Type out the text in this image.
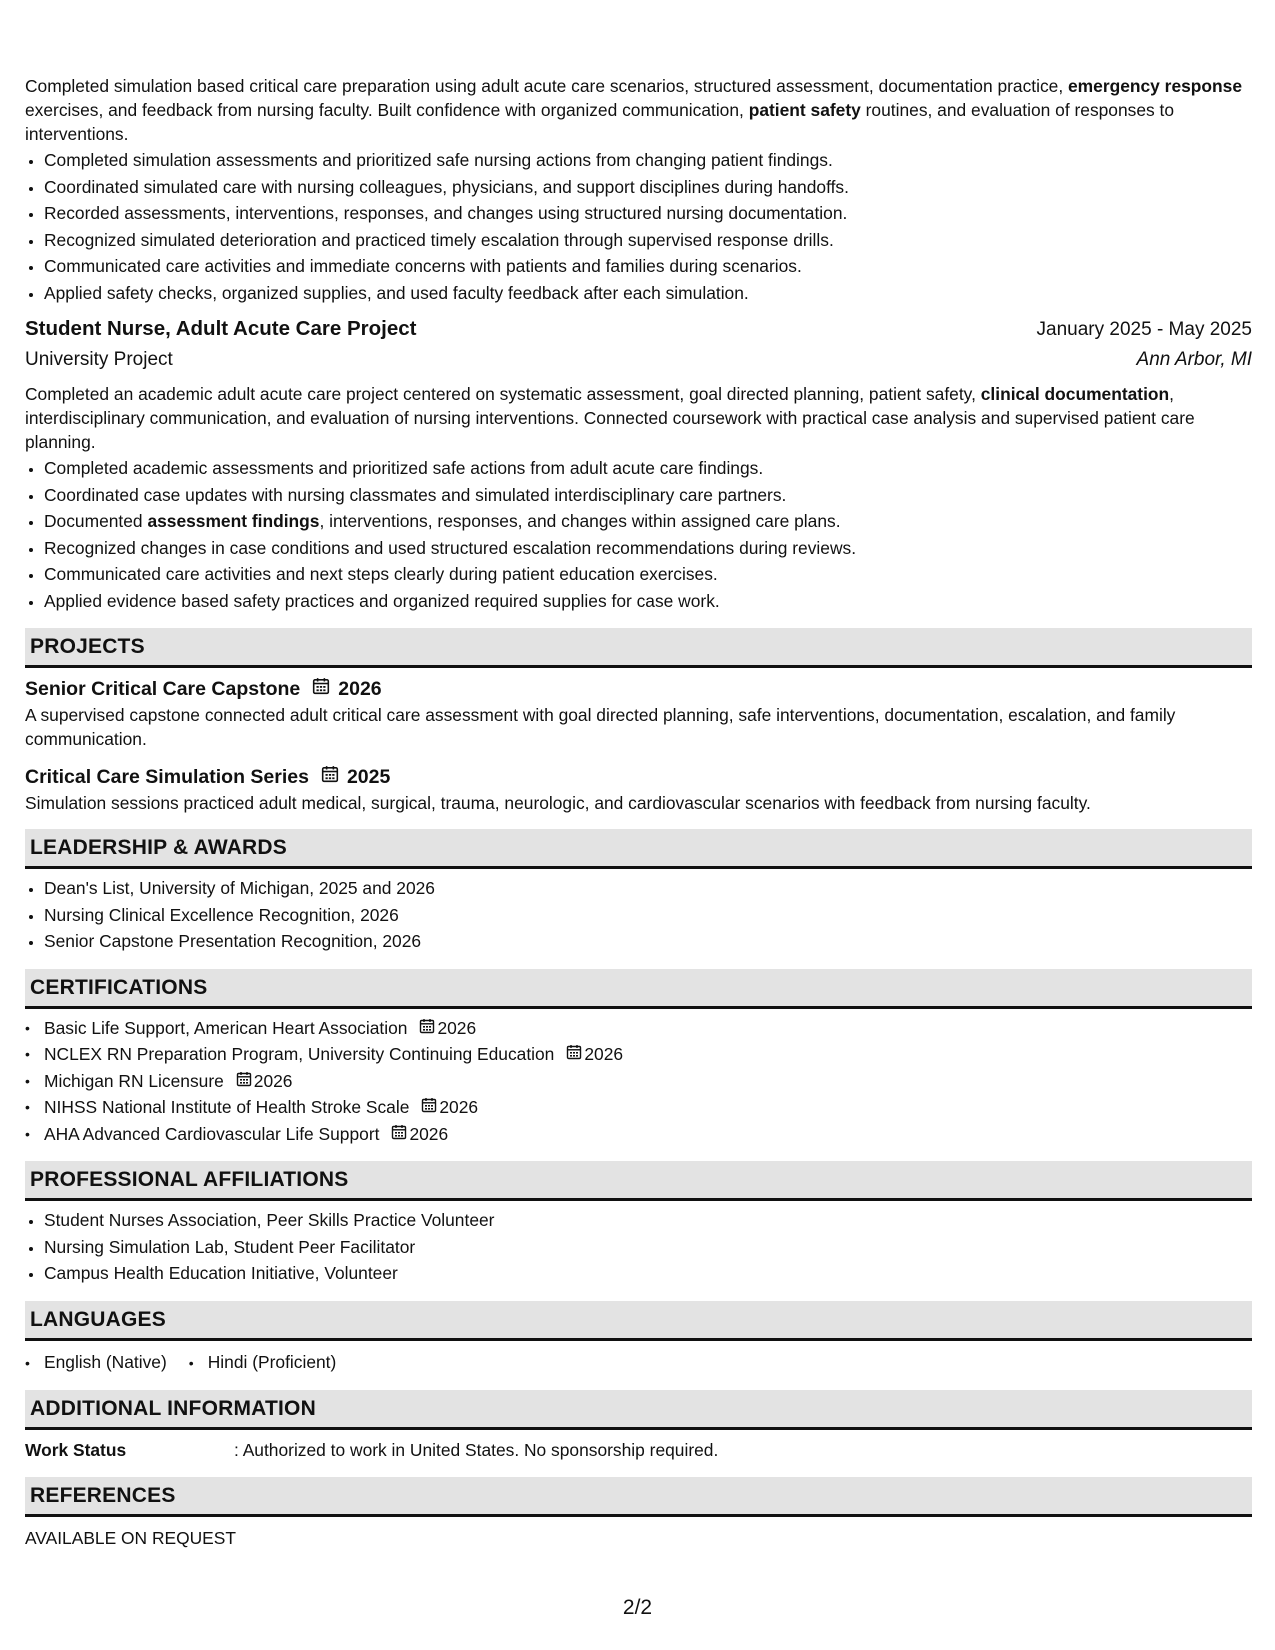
Completed simulation based critical care preparation using adult acute care scenarios, structured assessment, documentation practice, emergency response exercises, and feedback from nursing faculty. Built confidence with organized communication, patient safety routines, and evaluation of responses to interventions.

• Completed simulation assessments and prioritized safe nursing actions from changing patient findings.
• Coordinated simulated care with nursing colleagues, physicians, and support disciplines during handoffs.
• Recorded assessments, interventions, responses, and changes using structured nursing documentation.
• Recognized simulated deterioration and practiced timely escalation through supervised response drills.
• Communicated care activities and immediate concerns with patients and families during scenarios.
• Applied safety checks, organized supplies, and used faculty feedback after each simulation.
Student Nurse, Adult Acute Care Project	January 2025 - May 2025
University Project	Ann Arbor, MI

Completed an academic adult acute care project centered on systematic assessment, goal directed planning, patient safety, clinical documentation, interdisciplinary communication, and evaluation of nursing interventions. Connected coursework with practical case analysis and supervised patient care planning.

• Completed academic assessments and prioritized safe actions from adult acute care findings.
• Coordinated case updates with nursing classmates and simulated interdisciplinary care partners.
• Documented assessment findings, interventions, responses, and changes within assigned care plans.
• Recognized changes in case conditions and used structured escalation recommendations during reviews.
• Communicated care activities and next steps clearly during patient education exercises.
• Applied evidence based safety practices and organized required supplies for case work.
PROJECTS
Senior Critical Care Capstone 2026

A supervised capstone connected adult critical care assessment with goal directed planning, safe interventions, documentation, escalation, and family communication.

Critical Care Simulation Series 2025

Simulation sessions practiced adult medical, surgical, trauma, neurologic, and cardiovascular scenarios with feedback from nursing faculty.

LEADERSHIP & AWARDS
• Dean's List, University of Michigan, 2025 and 2026
• Nursing Clinical Excellence Recognition, 2026
• Senior Capstone Presentation Recognition, 2026
CERTIFICATIONS
• Basic Life Support, American Heart Association 2026
• NCLEX RN Preparation Program, University Continuing Education 2026
• Michigan RN Licensure 2026
• NIHSS National Institute of Health Stroke Scale 2026
• AHA Advanced Cardiovascular Life Support 2026
PROFESSIONAL AFFILIATIONS
• Student Nurses Association, Peer Skills Practice Volunteer
• Nursing Simulation Lab, Student Peer Facilitator
• Campus Health Education Initiative, Volunteer
LANGUAGES
• English (Native) • Hindi (Proficient)
ADDITIONAL INFORMATION
Work Status	: Authorized to work in United States. No sponsorship required.
REFERENCES
AVAILABLE ON REQUEST
2/2
